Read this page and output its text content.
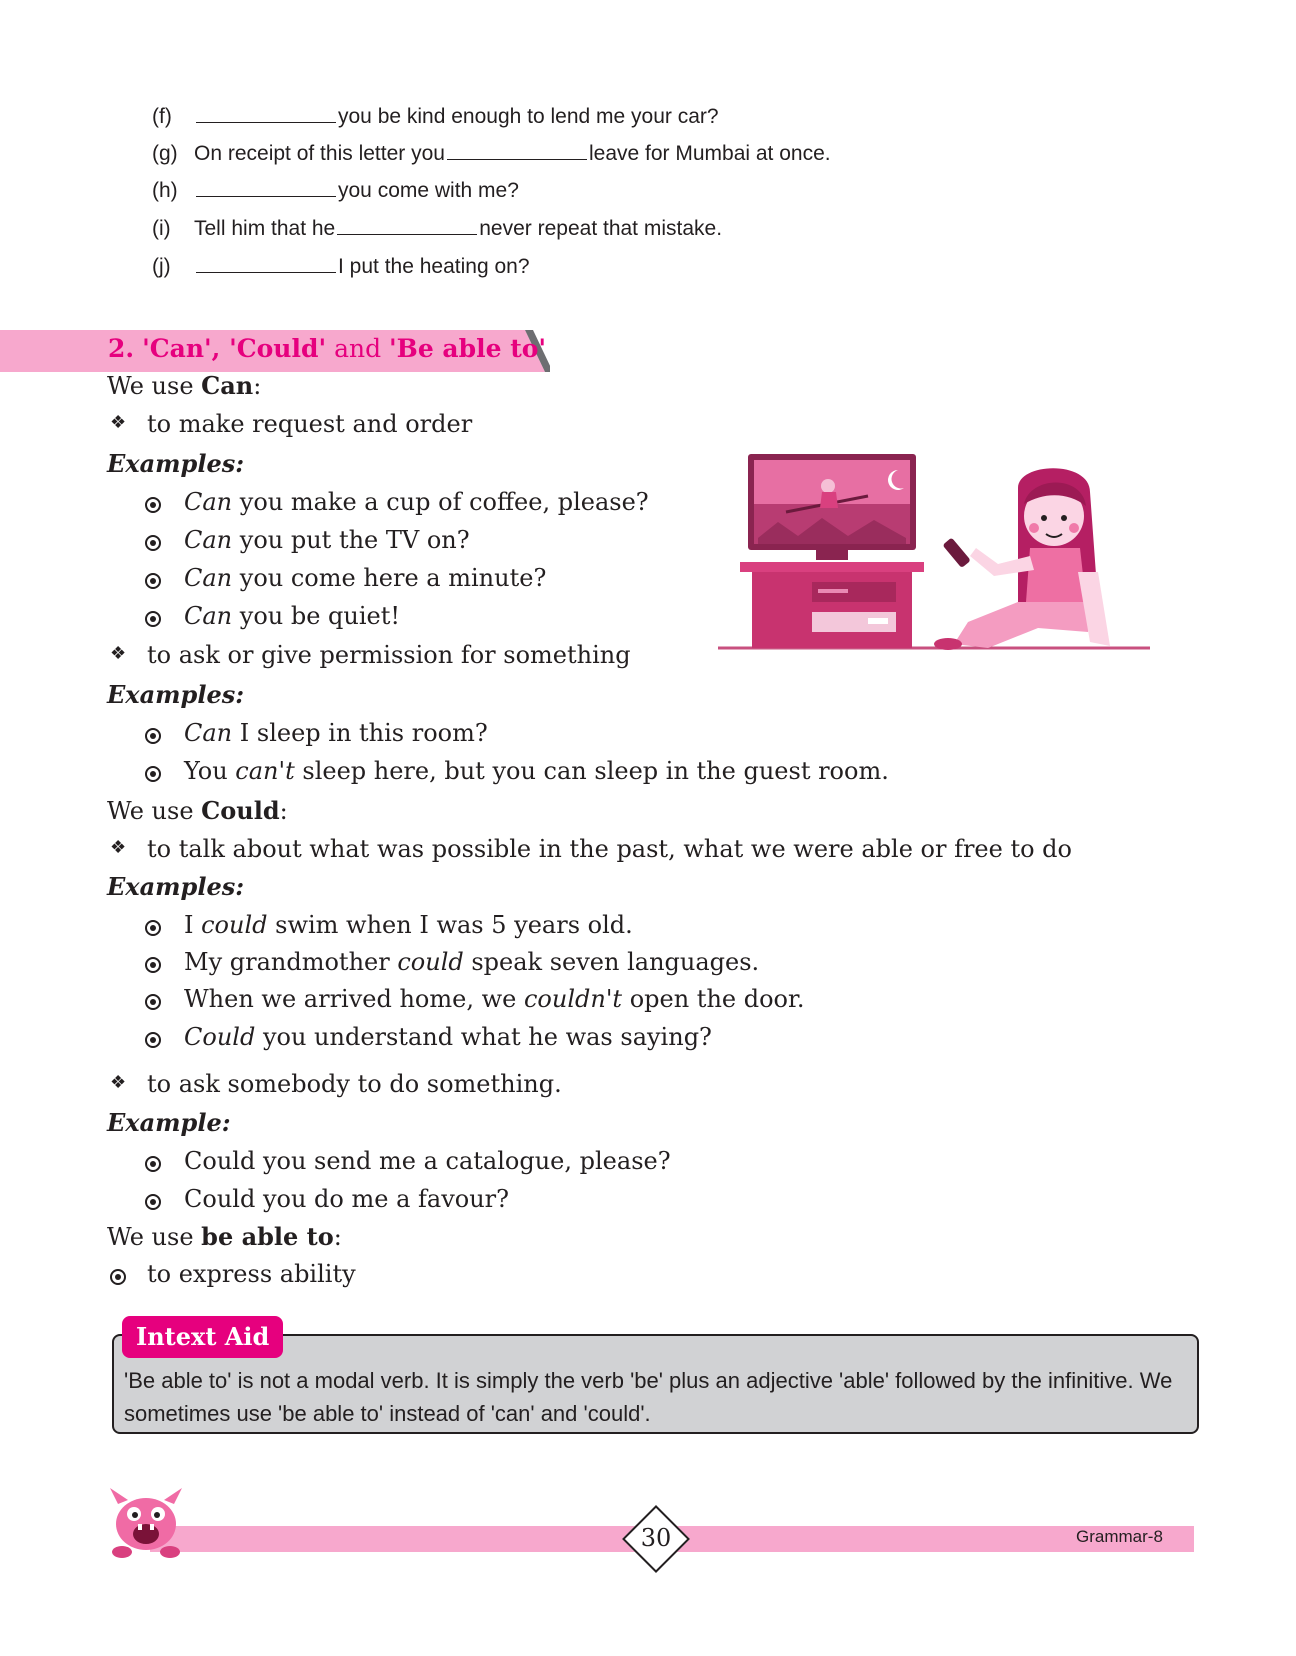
(f)	you be kind enough to lend me your car?
(g) On receipt of this letter you	leave for Mumbai at once.
(h)	you come with me?
(i) Tell him that he	never repeat that mistake.
(j)	I put the heating on?
2. 'Can', 'Could' and 'Be able to'
We use Can:
❖ to make request and order
Examples:
Can you make a cup of coffee, please?
Can you put the TV on?
Can you come here a minute?
Can you be quiet!
❖ to ask or give permission for something
Examples:
Can I sleep in this room?
You can't sleep here, but you can sleep in the guest room.
We use Could:
❖ to talk about what was possible in the past, what we were able or free to do
Examples:
I could swim when I was 5 years old.
My grandmother could speak seven languages.
When we arrived home, we couldn't open the door.
Could you understand what he was saying?
❖ to ask somebody to do something.
Example:
Could you send me a catalogue, please?
Could you do me a favour?
We use be able to:
to express ability
Intext Aid
'Be able to' is not a modal verb. It is simply the verb 'be' plus an adjective 'able' followed by the infinitive. We sometimes use 'be able to' instead of 'can' and 'could'.
30	Grammar-8
